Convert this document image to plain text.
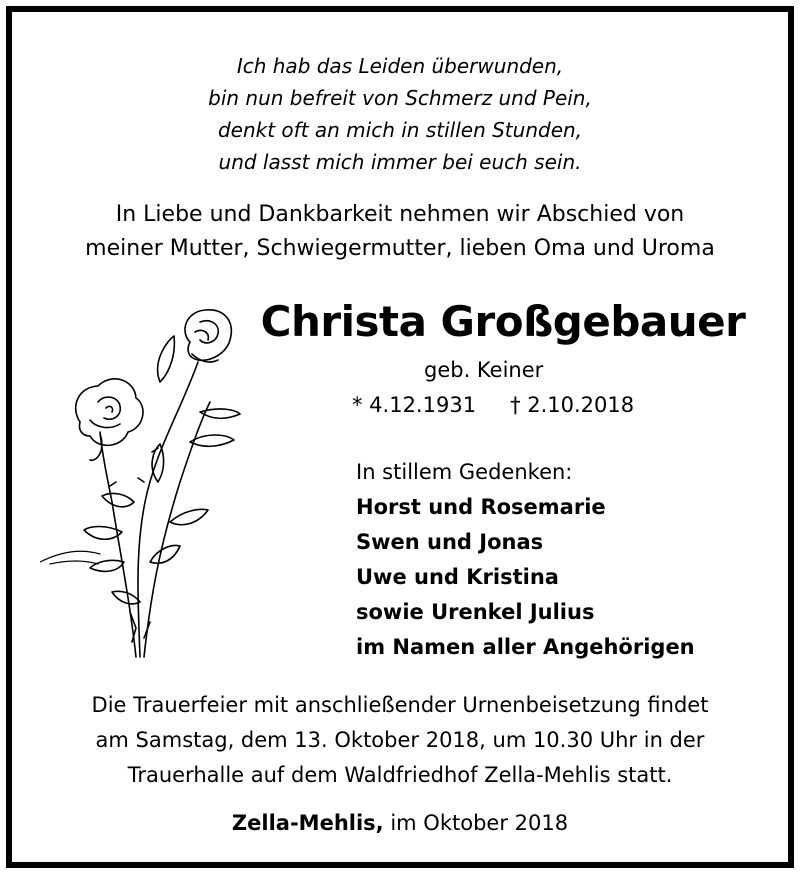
Ich hab das Leiden überwunden,
bin nun befreit von Schmerz und Pein,
denkt oft an mich in stillen Stunden,
und lasst mich immer bei euch sein.
In Liebe und Dankbarkeit nehmen wir Abschied von
meiner Mutter, Schwiegermutter, lieben Oma und Uroma
Christa Großgebauer
geb. Keiner
* 4.12.1931 † 2.10.2018
In stillem Gedenken:
Horst und Rosemarie
Swen und Jonas
Uwe und Kristina
sowie Urenkel Julius
im Namen aller Angehörigen
Die Trauerfeier mit anschließender Urnenbeisetzung findet
am Samstag, dem 13. Oktober 2018, um 10.30 Uhr in der
Trauerhalle auf dem Waldfriedhof Zella-Mehlis statt.
Zella-Mehlis, im Oktober 2018
